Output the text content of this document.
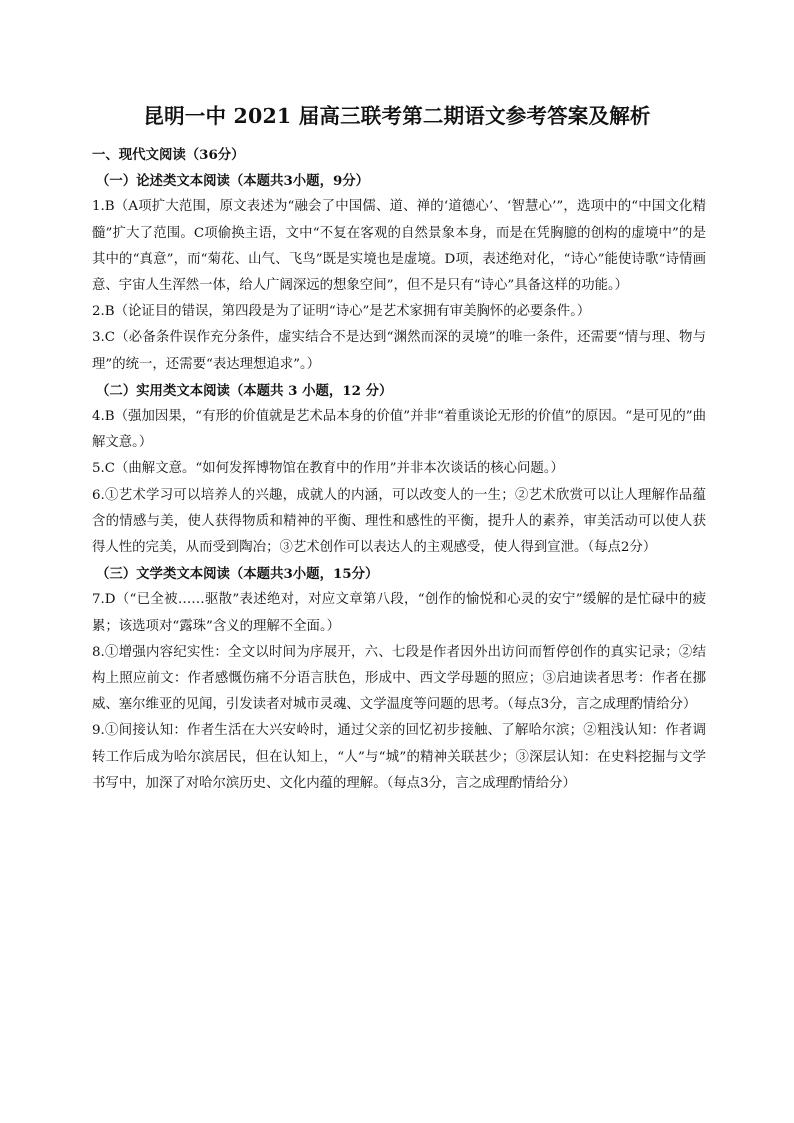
昆明一中 2021 届高三联考第二期语文参考答案及解析

一、现代文阅读（36分）

（一）论述类文本阅读（本题共3小题，9分）

1.B（A项扩大范围，原文表述为“融会了中国儒、道、禅的‘道德心’、‘智慧心’”，选项中的“中国文化精髓”扩大了范围。C项偷换主语，文中“不复在客观的自然景象本身，而是在凭胸臆的创构的虚境中”的是其中的“真意”，而“菊花、山气、飞鸟”既是实境也是虚境。D项，表述绝对化，“诗心”能使诗歌“诗情画意、宇宙人生浑然一体，给人广阔深远的想象空间”，但不是只有“诗心”具备这样的功能。）

2.B（论证目的错误，第四段是为了证明“诗心”是艺术家拥有审美胸怀的必要条件。）

3.C（必备条件误作充分条件，虚实结合不是达到“渊然而深的灵境”的唯一条件，还需要“情与理、物与理”的统一，还需要“表达理想追求”。）

（二）实用类文本阅读（本题共 3 小题，12 分）

4.B（强加因果，“有形的价值就是艺术品本身的价值”并非“着重谈论无形的价值”的原因。“是可见的”曲解文意。）

5.C（曲解文意。“如何发挥博物馆在教育中的作用”并非本次谈话的核心问题。）

6.①艺术学习可以培养人的兴趣，成就人的内涵，可以改变人的一生；②艺术欣赏可以让人理解作品蕴含的情感与美，使人获得物质和精神的平衡、理性和感性的平衡，提升人的素养，审美活动可以使人获得人性的完美，从而受到陶冶；③艺术创作可以表达人的主观感受，使人得到宣泄。（每点2分）

（三）文学类文本阅读（本题共3小题，15分）

7.D（“已全被……驱散”表述绝对，对应文章第八段，“创作的愉悦和心灵的安宁”缓解的是忙碌中的疲累；该选项对“露珠”含义的理解不全面。）

8.①增强内容纪实性：全文以时间为序展开，六、七段是作者因外出访问而暂停创作的真实记录；②结构上照应前文：作者感慨伤痛不分语言肤色，形成中、西文学母题的照应；③启迪读者思考：作者在挪威、塞尔维亚的见闻，引发读者对城市灵魂、文学温度等问题的思考。（每点3分，言之成理酌情给分）

9.①间接认知：作者生活在大兴安岭时，通过父亲的回忆初步接触、了解哈尔滨；②粗浅认知：作者调转工作后成为哈尔滨居民，但在认知上，“人”与“城”的精神关联甚少；③深层认知：在史料挖掘与文学书写中，加深了对哈尔滨历史、文化内蕴的理解。（每点3分，言之成理酌情给分）
